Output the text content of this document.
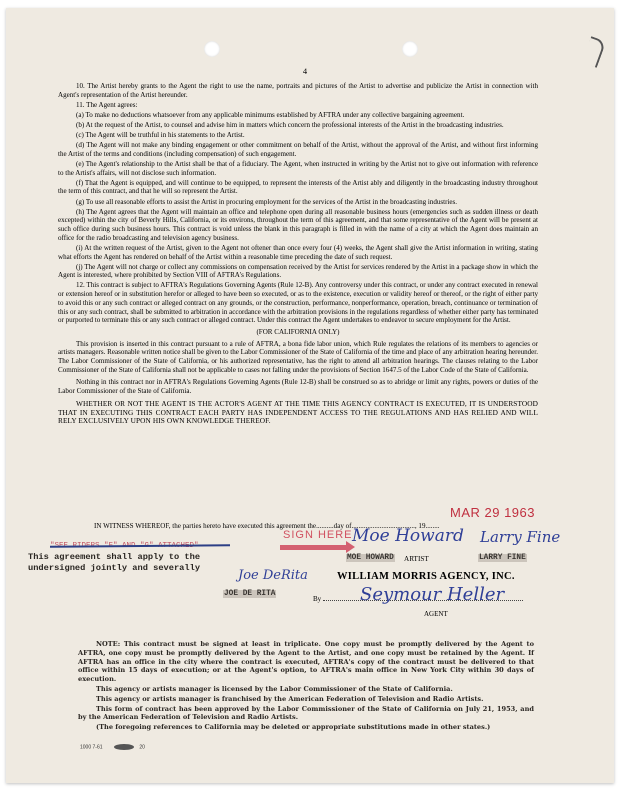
4

10. The Artist hereby grants to the Agent the right to use the name, portraits and pictures of the Artist to advertise and publicize the Artist in connection with Agent's representation of the Artist hereunder.

11. The Agent agrees:

(a) To make no deductions whatsoever from any applicable minimums established by AFTRA under any collective bargaining agreement.

(b) At the request of the Artist, to counsel and advise him in matters which concern the professional interests of the Artist in the broadcasting industries.

(c) The Agent will be truthful in his statements to the Artist.

(d) The Agent will not make any binding engagement or other commitment on behalf of the Artist, without the approval of the Artist, and without first informing the Artist of the terms and conditions (including compensation) of such engagement.

(e) The Agent's relationship to the Artist shall be that of a fiduciary. The Agent, when instructed in writing by the Artist not to give out information with reference to the Artist's affairs, will not disclose such information.

(f) That the Agent is equipped, and will continue to be equipped, to represent the interests of the Artist ably and diligently in the broadcasting industry throughout the term of this contract, and that he will so represent the Artist.

(g) To use all reasonable efforts to assist the Artist in procuring employment for the services of the Artist in the broadcasting industries.

(h) The Agent agrees that the Agent will maintain an office and telephone open during all reasonable business hours (emergencies such as sudden illness or death excepted) within the city of Beverly Hills, California, or its environs, throughout the term of this agreement, and that some representative of the Agent will be present at such office during such business hours. This contract is void unless the blank in this paragraph is filled in with the name of a city at which the Agent does maintain an office for the radio broadcasting and television agency business.

(i) At the written request of the Artist, given to the Agent not oftener than once every four (4) weeks, the Agent shall give the Artist information in writing, stating what efforts the Agent has rendered on behalf of the Artist within a reasonable time preceding the date of such request.

(j) The Agent will not charge or collect any commissions on compensation received by the Artist for services rendered by the Artist in a package show in which the Agent is interested, where prohibited by Section VIII of AFTRA's Regulations.

12. This contract is subject to AFTRA's Regulations Governing Agents (Rule 12-B). Any controversy under this contract, or under any contract executed in renewal or extension hereof or in substitution herefor or alleged to have been so executed, or as to the existence, execution or validity hereof or thereof, or the right of either party to avoid this or any such contract or alleged contract on any grounds, or the construction, performance, nonperformance, operation, breach, continuance or termination of this or any such contract, shall be submitted to arbitration in accordance with the arbitration provisions in the regulations regardless of whether either party has terminated or purported to terminate this or any such contract or alleged contract. Under this contract the Agent undertakes to endeavor to secure employment for the Artist.

(FOR CALIFORNIA ONLY)

This provision is inserted in this contract pursuant to a rule of AFTRA, a bona fide labor union, which Rule regulates the relations of its members to agencies or artists managers. Reasonable written notice shall be given to the Labor Commissioner of the State of California of the time and place of any arbitration hearing hereunder. The Labor Commissioner of the State of California, or his authorized representative, has the right to attend all arbitration hearings. The clauses relating to the Labor Commissioner of the State of California shall not be applicable to cases not falling under the provisions of Section 1647.5 of the Labor Code of the State of California.

Nothing in this contract nor in AFTRA's Regulations Governing Agents (Rule 12-B) shall be construed so as to abridge or limit any rights, powers or duties of the Labor Commissioner of the State of California.

WHETHER OR NOT THE AGENT IS THE ACTOR'S AGENT AT THE TIME THIS AGENCY CONTRACT IS EXECUTED, IT IS UNDERSTOOD THAT IN EXECUTING THIS CONTRACT EACH PARTY HAS INDEPENDENT ACCESS TO THE REGULATIONS AND HAS RELIED AND WILL RELY EXCLUSIVELY UPON HIS OWN KNOWLEDGE THEREOF.

MAR 29 1963
IN WITNESS WHEREOF, the parties hereto have executed this agreement the..........day of...................................., 19........
SIGN HERE
This agreement shall apply to the
undersigned jointly and severally
Moe Howard Larry Fine
MOE HOWARD ARTIST	LARRY FINE
Joe DeRita
JOE DE RITA
WILLIAM MORRIS AGENCY, INC.
By Seymour Heller
AGENT

NOTE: This contract must be signed at least in triplicate. One copy must be promptly delivered by the Agent to AFTRA, one copy must be promptly delivered by the Agent to the Artist, and one copy must be retained by the Agent. If AFTRA has an office in the city where the contract is executed, AFTRA's copy of the contract must be delivered to that office within 15 days of execution; or at the Agent's option, to AFTRA's main office in New York City within 30 days of execution.

This agency or artists manager is licensed by the Labor Commissioner of the State of California.

This agency or artists manager is franchised by the American Federation of Television and Radio Artists.

This form of contract has been approved by the Labor Commissioner of the State of California on July 21, 1953, and by the American Federation of Television and Radio Artists.

(The foregoing references to California may be deleted or appropriate substitutions made in other states.)

1000 7-61	20
